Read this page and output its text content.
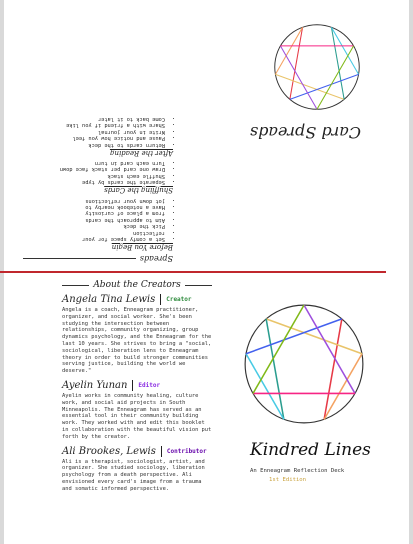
Card Spreads
Spreads
Before You Begin
• Set a comfy space for your
• reflection
• Pick the deck
• Aim to approach the cards
• from a place of curiosity
• Have a notebook nearby to
• jot down your reflections
Shuffling the Cards
• Separate the cards by type
• Shuffle each stack
• Draw one card per stack face down
• Turn each card in turn
After the Reading
• Return cards to the deck
• Pause and notice how you feel
• Write in your journal
• Share with a friend if you like
• Come back to it later
About the Creators
Angela Tina Lewis Creator
Angela is a coach, Enneagram practitioner, organizer, and social worker. She's been studying the intersection between relationships, community organizing, group dynamics psychology, and the Enneagram for the last 10 years. She strives to bring a "social, sociological, liberation lens to Enneagram theory in order to build stronger communities serving justice, building the world we deserve."
Ayelin Yunan Editor
Ayelin works in community healing, culture work, and social aid projects in South Minneapolis. The Enneagram has served as an essential tool in their community building work. They worked with and edit this booklet in collaboration with the beautiful vision put forth by the creator.
Ali Brookes, Lewis Contributor
Ali is a therapist, sociologist, artist, and organizer. She studied sociology, liberation psychology from a death perspective. Ali envisioned every card's image from a trauma and somatic informed perspective.
Kindred Lines
An Enneagram Reflection Deck
1st Edition
